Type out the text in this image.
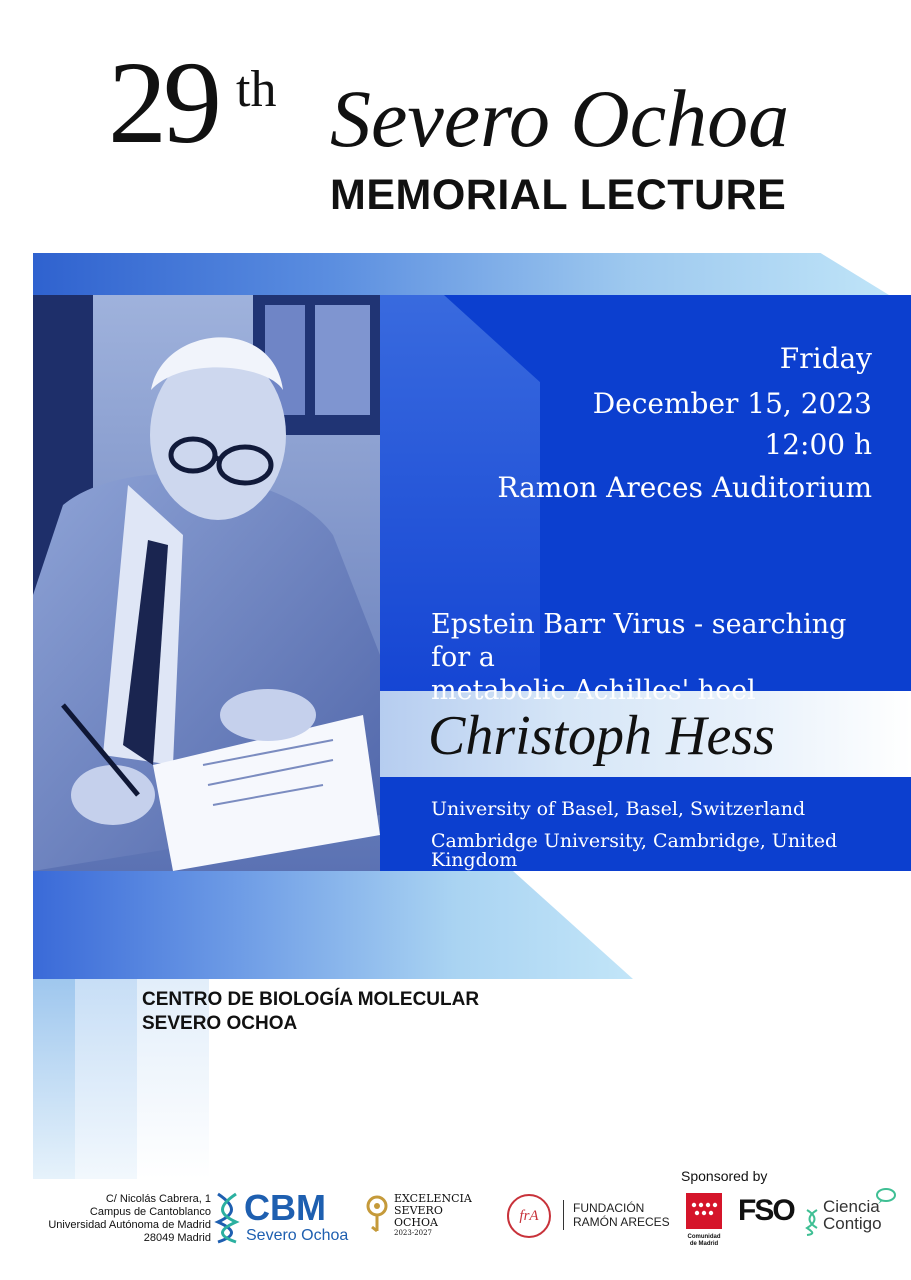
29 th Severo Ochoa
MEMORIAL LECTURE
Friday
December 15, 2023
12:00 h
Ramon Areces Auditorium
Epstein Barr Virus - searching for a
metabolic Achilles' heel
Christoph Hess
University of Basel, Basel, Switzerland
Cambridge University, Cambridge, United Kingdom
CENTRO DE BIOLOGÍA MOLECULAR
SEVERO OCHOA
C/ Nicolás Cabrera, 1
Campus de Cantoblanco
Universidad Autónoma de Madrid
28049 Madrid
CBM
Severo Ochoa
EXCELENCIA
SEVERO
OCHOA
2023-2027
Sponsored by
frA	FUNDACIÓN
RAMÓN ARECES
Comunidad
de Madrid
FSO Ciencia
Contigo
